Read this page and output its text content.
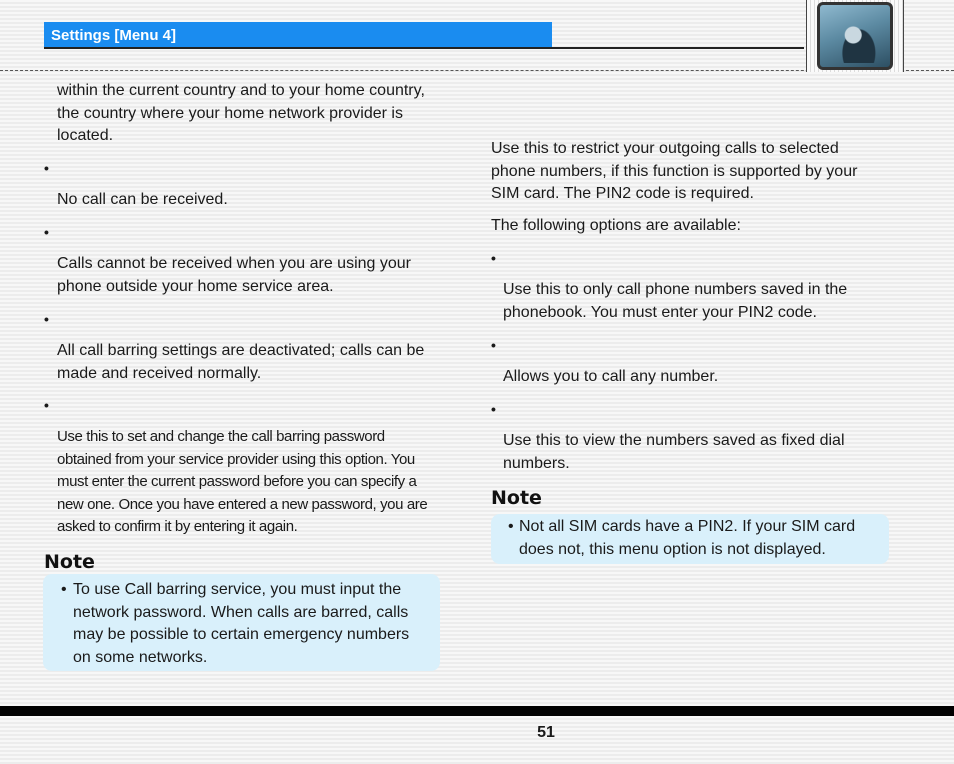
Settings [Menu 4]
within the current country and to your home country, the country where your home network provider is located.
•
No call can be received.
•
Calls cannot be received when you are using your phone outside your home service area.
•
All call barring settings are deactivated; calls can be made and received normally.
•
Use this to set and change the call barring password obtained from your service provider using this option. You must enter the current password before you can specify a new one. Once you have entered a new password, you are asked to confirm it by entering it again.
Note
• To use Call barring service, you must input the network password. When calls are barred, calls may be possible to certain emergency numbers on some networks.
Use this to restrict your outgoing calls to selected phone numbers, if this function is supported by your SIM card. The PIN2 code is required.
The following options are available:
•
Use this to only call phone numbers saved in the phonebook. You must enter your PIN2 code.
•
Allows you to call any number.
•
Use this to view the numbers saved as fixed dial numbers.
Note
• Not all SIM cards have a PIN2. If your SIM card does not, this menu option is not displayed.
51
